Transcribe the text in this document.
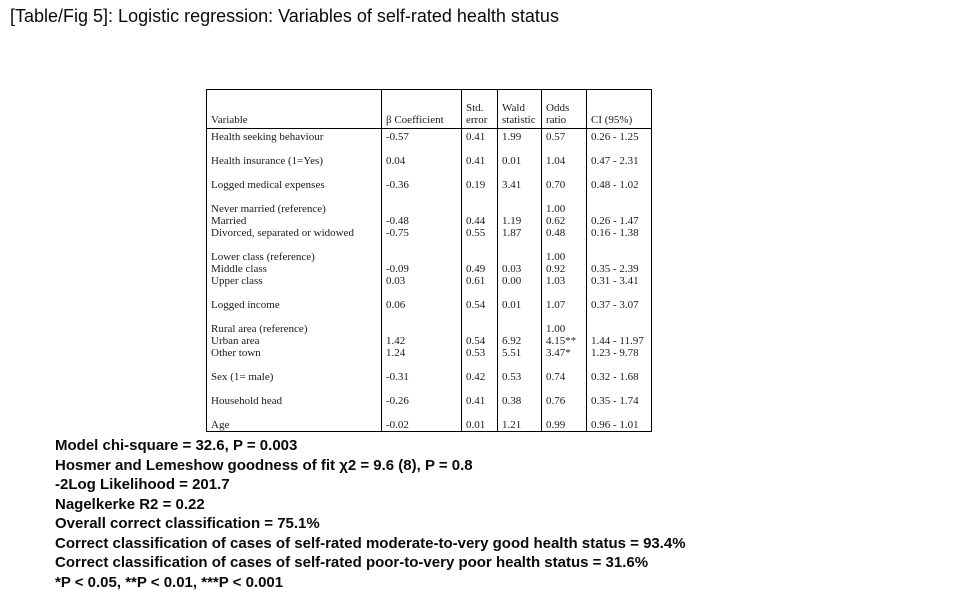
[Table/Fig 5]: Logistic regression: Variables of self-rated health status
Variable	β Coefficient	Std. error	Wald statistic	Odds ratio	CI (95%)
Health seeking behaviour	-0.57	0.41	1.99	0.57	0.26 - 1.25

Health insurance (1=Yes)	0.04	0.41	0.01	1.04	0.47 - 2.31

Logged medical expenses	-0.36	0.19	3.41	0.70	0.48 - 1.02

Never married (reference)				1.00	
Married	-0.48	0.44	1.19	0.62	0.26 - 1.47
Divorced, separated or widowed	-0.75	0.55	1.87	0.48	0.16 - 1.38

Lower class (reference)				1.00	
Middle class	-0.09	0.49	0.03	0.92	0.35 - 2.39
Upper class	0.03	0.61	0.00	1.03	0.31 - 3.41

Logged income	0.06	0.54	0.01	1.07	0.37 - 3.07

Rural area (reference)				1.00	
Urban area	1.42	0.54	6.92	4.15**	1.44 - 11.97
Other town	1.24	0.53	5.51	3.47*	1.23 - 9.78

Sex (1= male)	-0.31	0.42	0.53	0.74	0.32 - 1.68

Household head	-0.26	0.41	0.38	0.76	0.35 - 1.74

Age	-0.02	0.01	1.21	0.99	0.96 - 1.01
Model chi-square = 32.6, P = 0.003
Hosmer and Lemeshow goodness of fit χ2 = 9.6 (8), P = 0.8
-2Log Likelihood = 201.7
Nagelkerke R2 = 0.22
Overall correct classification = 75.1%
Correct classification of cases of self-rated moderate-to-very good health status = 93.4%
Correct classification of cases of self-rated poor-to-very poor health status = 31.6%
*P < 0.05, **P < 0.01, ***P < 0.001
